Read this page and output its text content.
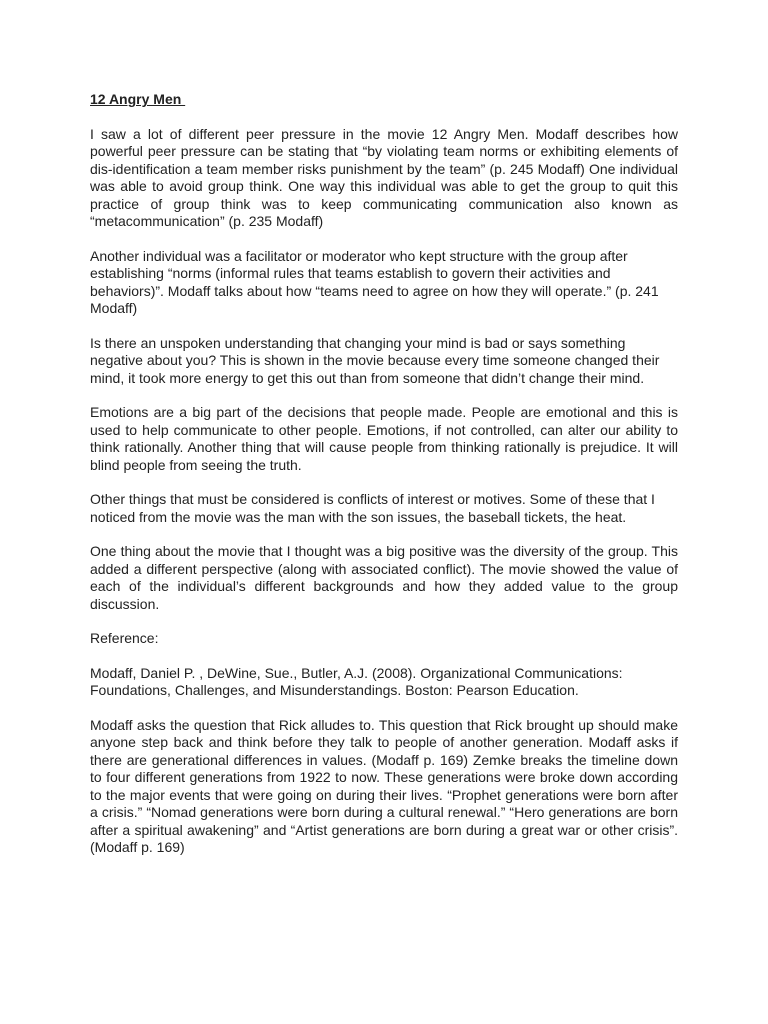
12 Angry Men

I saw a lot of different peer pressure in the movie 12 Angry Men. Modaff describes how powerful peer pressure can be stating that “by violating team norms or exhibiting elements of dis-identification a team member risks punishment by the team” (p. 245 Modaff) One individual was able to avoid group think. One way this individual was able to get the group to quit this practice of group think was to keep communicating communication also known as “metacommunication” (p. 235 Modaff)

Another individual was a facilitator or moderator who kept structure with the group after establishing “norms (informal rules that teams establish to govern their activities and behaviors)”. Modaff talks about how “teams need to agree on how they will operate.” (p. 241 Modaff)

Is there an unspoken understanding that changing your mind is bad or says something negative about you? This is shown in the movie because every time someone changed their mind, it took more energy to get this out than from someone that didn’t change their mind.

Emotions are a big part of the decisions that people made. People are emotional and this is used to help communicate to other people. Emotions, if not controlled, can alter our ability to think rationally. Another thing that will cause people from thinking rationally is prejudice. It will blind people from seeing the truth.

Other things that must be considered is conflicts of interest or motives. Some of these that I noticed from the movie was the man with the son issues, the baseball tickets, the heat.

One thing about the movie that I thought was a big positive was the diversity of the group. This added a different perspective (along with associated conflict). The movie showed the value of each of the individual’s different backgrounds and how they added value to the group discussion.

Reference:

Modaff, Daniel P. , DeWine, Sue., Butler, A.J. (2008). Organizational Communications: Foundations, Challenges, and Misunderstandings. Boston: Pearson Education.

Modaff asks the question that Rick alludes to. This question that Rick brought up should make anyone step back and think before they talk to people of another generation. Modaff asks if there are generational differences in values. (Modaff p. 169) Zemke breaks the timeline down to four different generations from 1922 to now. These generations were broke down according to the major events that were going on during their lives. “Prophet generations were born after a crisis.” “Nomad generations were born during a cultural renewal.” “Hero generations are born after a spiritual awakening” and “Artist generations are born during a great war or other crisis”. (Modaff p. 169)
